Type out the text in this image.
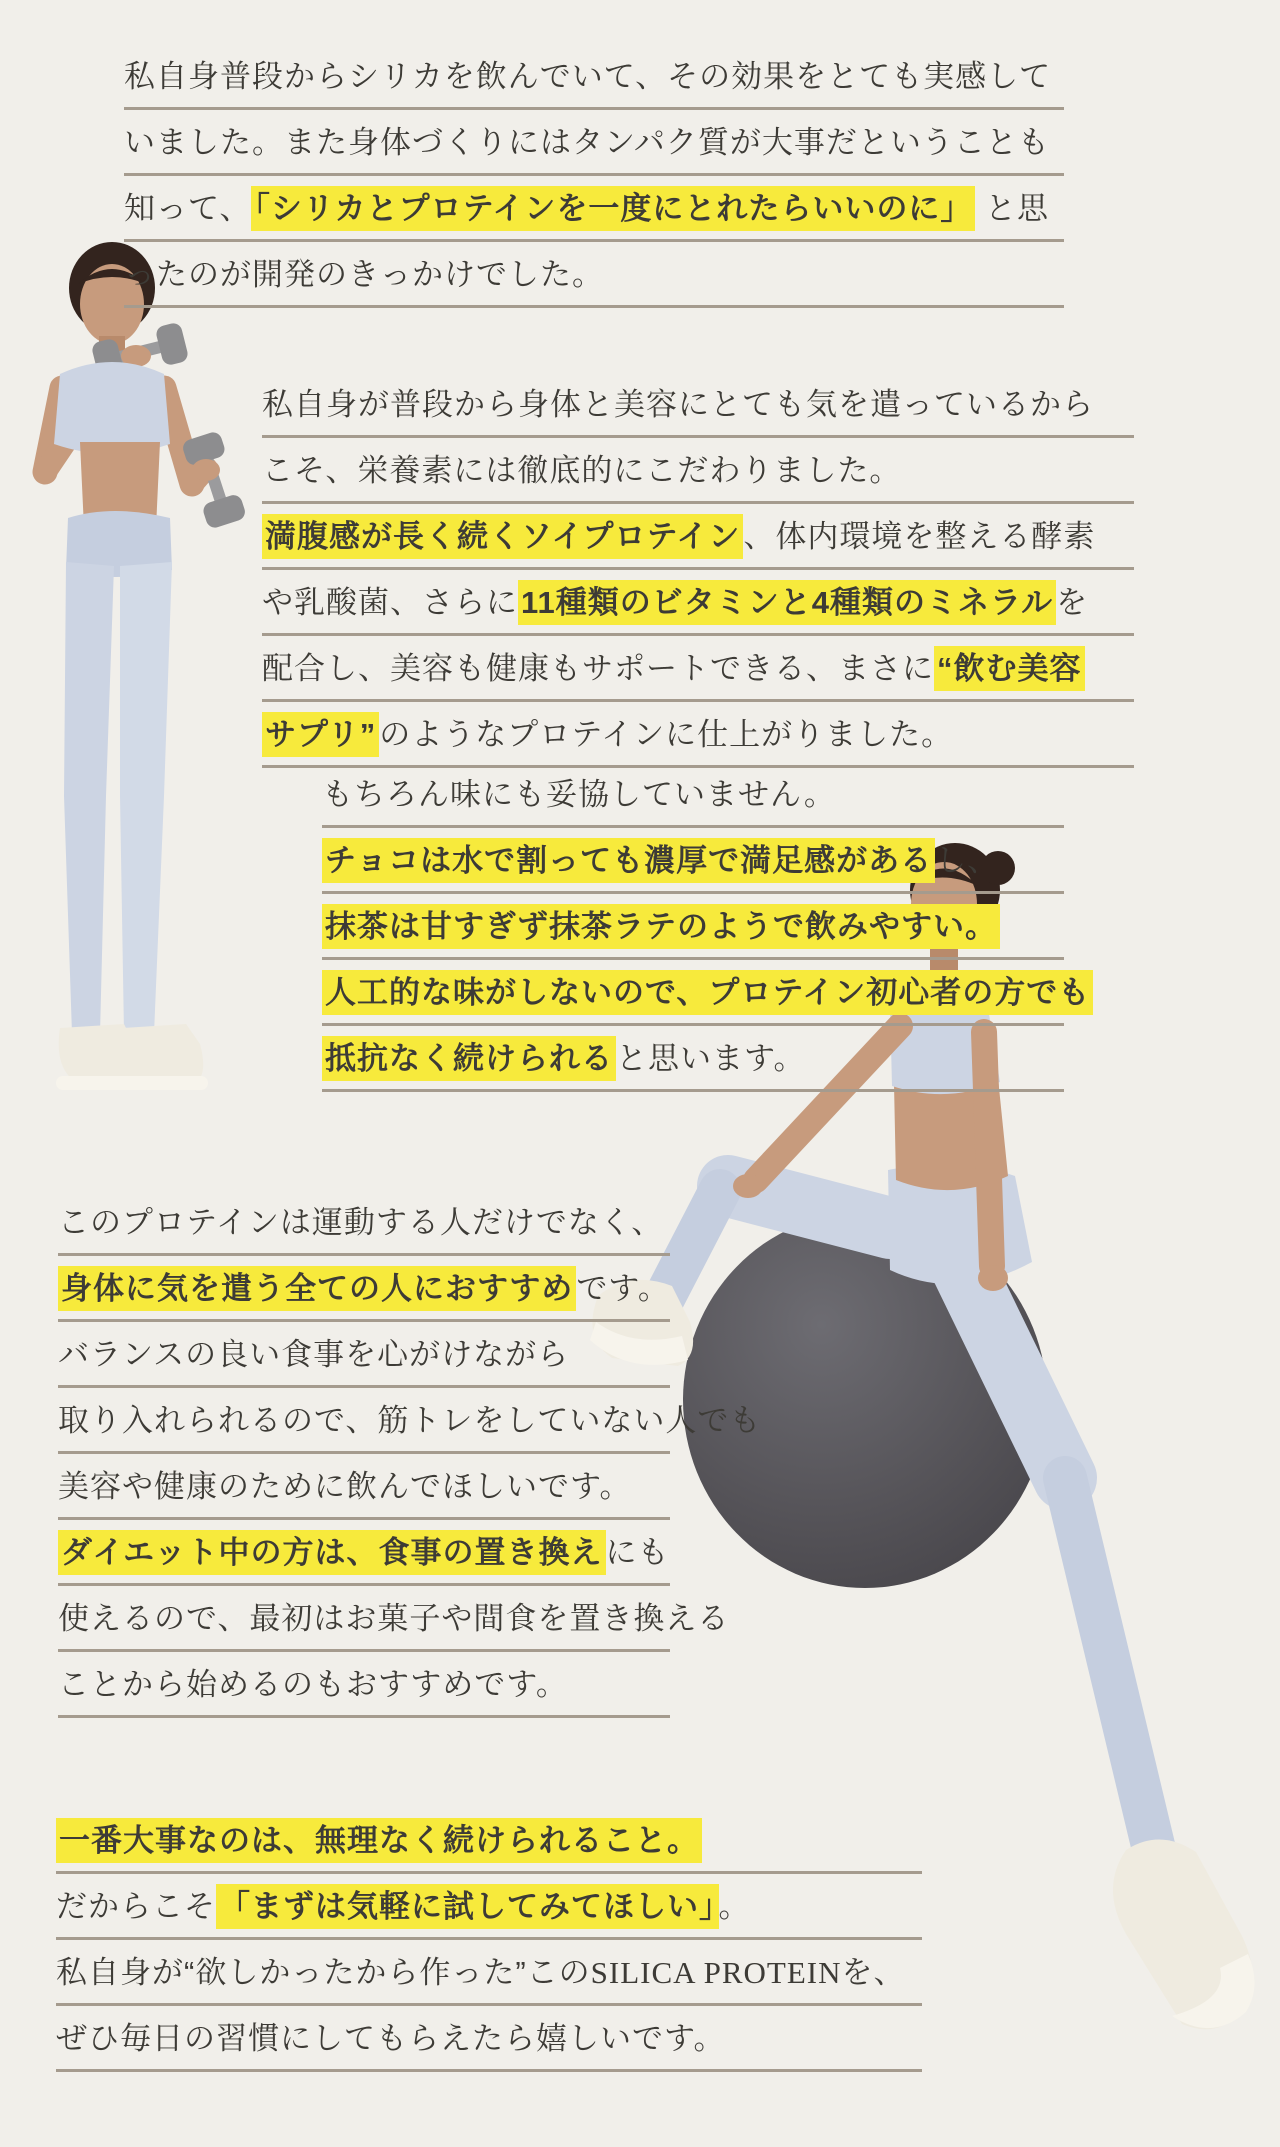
私自身普段からシリカを飲んでいて、その効果をとても実感して
いました。また身体づくりにはタンパク質が大事だということも
知って、「シリカとプロテインを一度にとれたらいいのに」 と思
ったのが開発のきっかけでした。
私自身が普段から身体と美容にとても気を遣っているから
こそ、栄養素には徹底的にこだわりました。
満腹感が長く続くソイプロテイン、体内環境を整える酵素
や乳酸菌、さらに11種類のビタミンと4種類のミネラルを
配合し、美容も健康もサポートできる、まさに“飲む美容
サプリ”のようなプロテインに仕上がりました。
もちろん味にも妥協していません。
チョコは水で割っても濃厚で満足感があるし、
抹茶は甘すぎず抹茶ラテのようで飲みやすい。
人工的な味がしないので、プロテイン初心者の方でも
抵抗なく続けられると思います。
このプロテインは運動する人だけでなく、
身体に気を遣う全ての人におすすめです。
バランスの良い食事を心がけながら
取り入れられるので、筋トレをしていない人でも
美容や健康のために飲んでほしいです。
ダイエット中の方は、食事の置き換えにも
使えるので、最初はお菓子や間食を置き換える
ことから始めるのもおすすめです。
一番大事なのは、無理なく続けられること。
だからこそ「まずは気軽に試してみてほしい」。
私自身が“欲しかったから作った”このSILICA PROTEINを、
ぜひ毎日の習慣にしてもらえたら嬉しいです。
